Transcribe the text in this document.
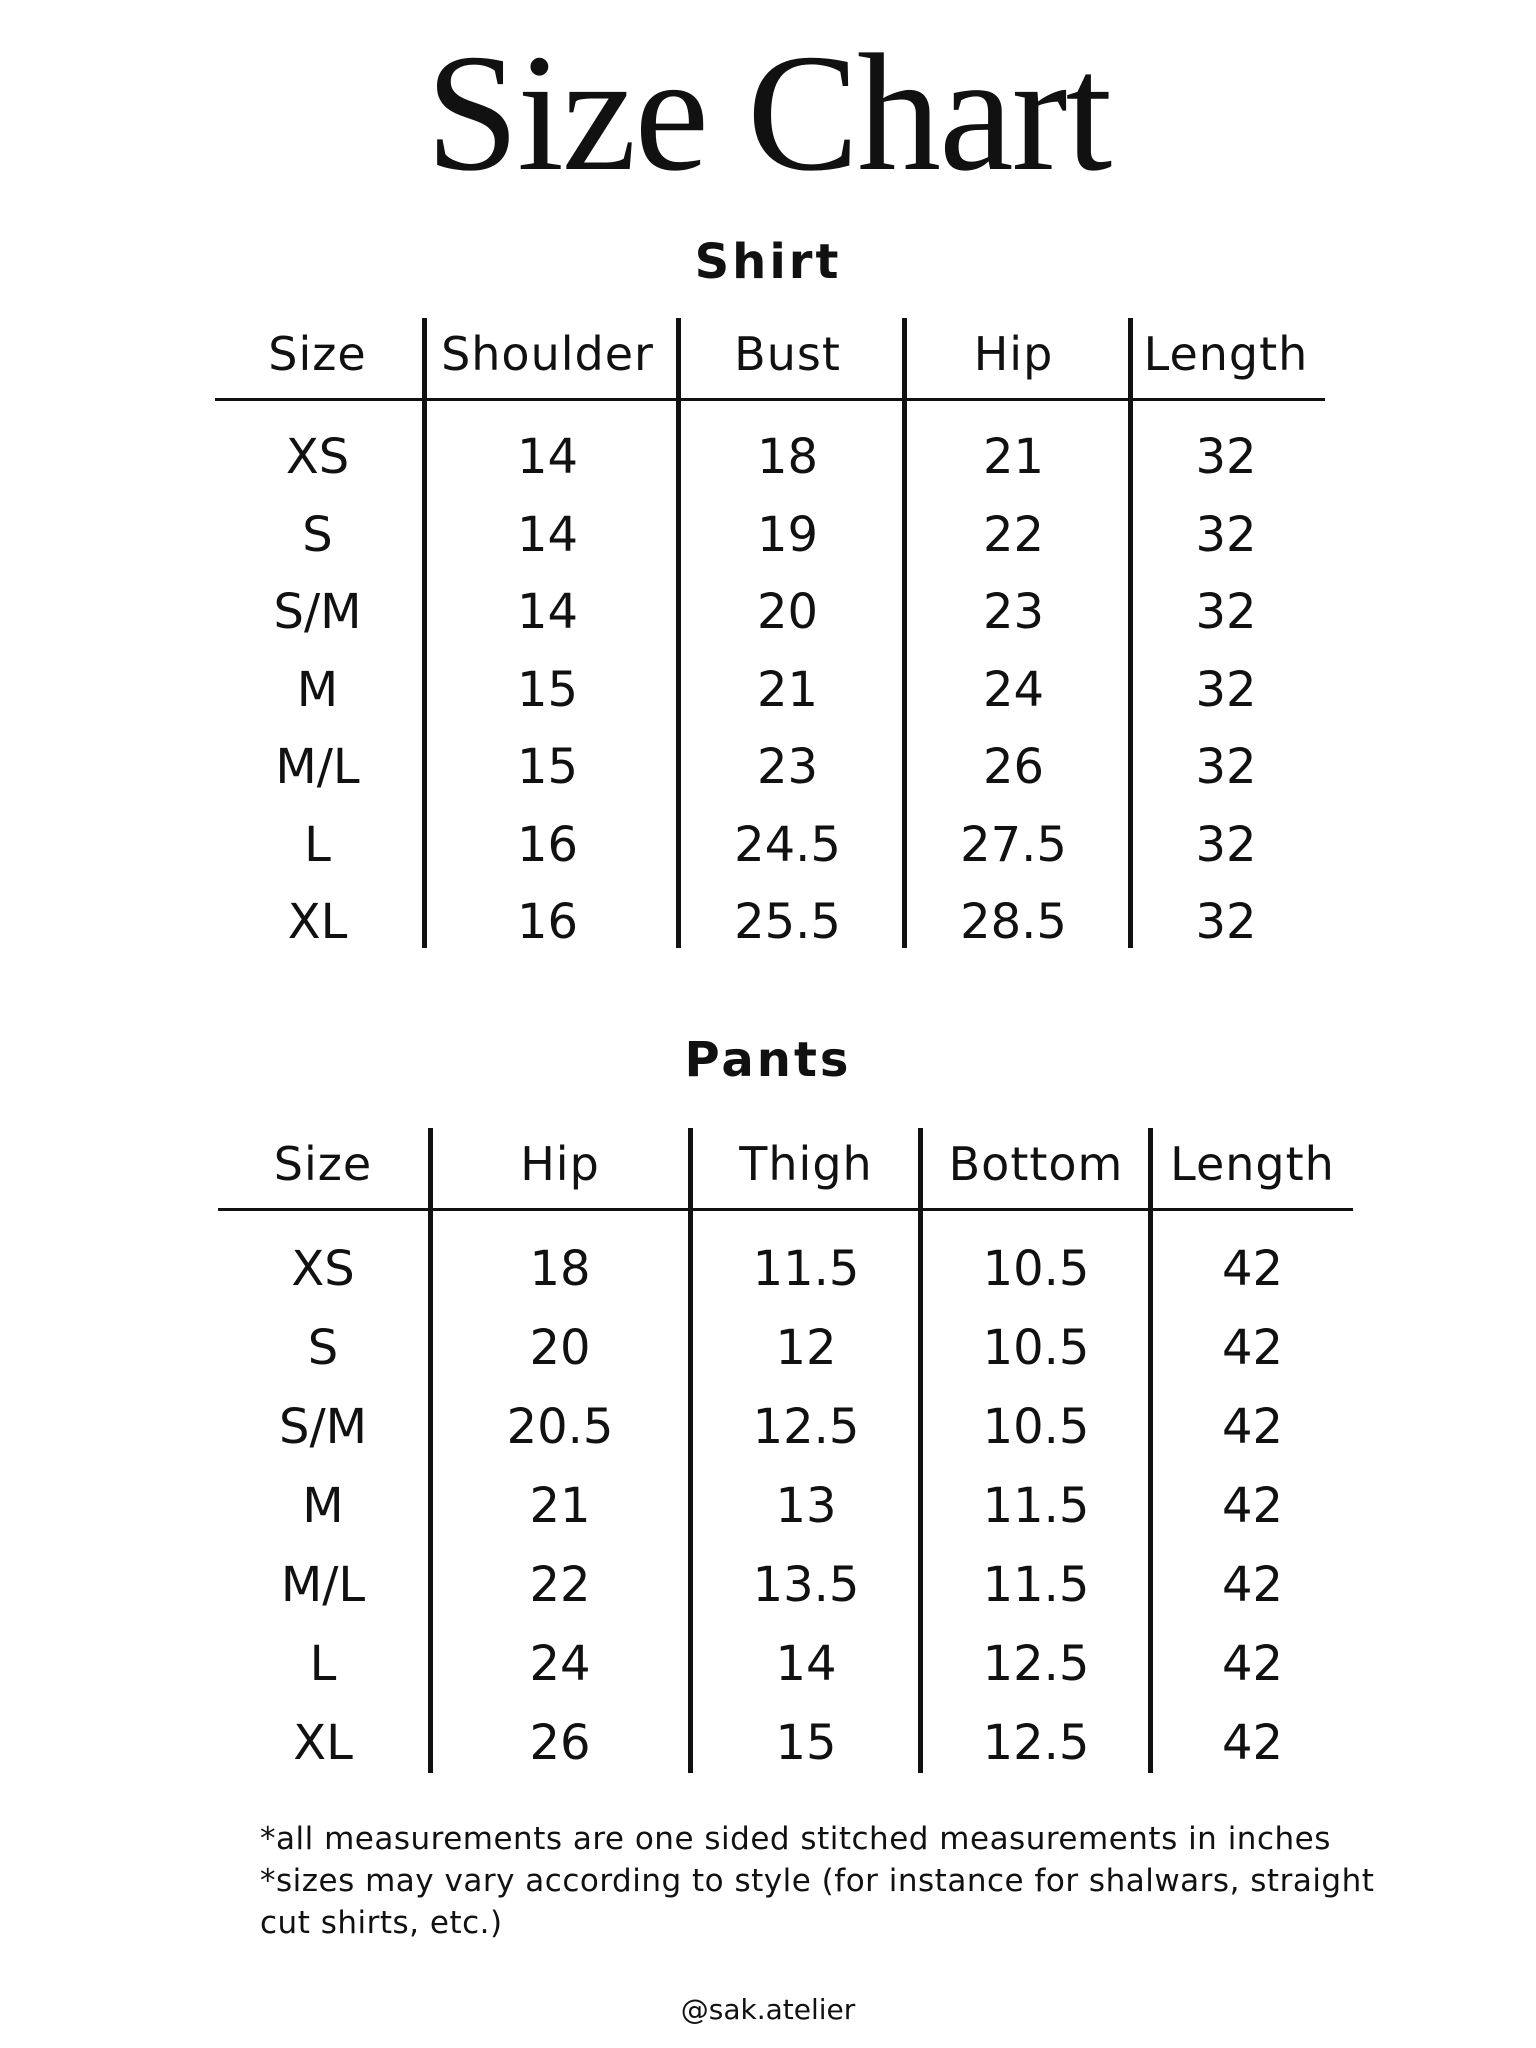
Size Chart
Shirt
Size	Shoulder	Bust	Hip	Length
XS	14	18	21	32
S	14	19	22	32
S/M	14	20	23	32
M	15	21	24	32
M/L	15	23	26	32
L	16	24.5	27.5	32
XL	16	25.5	28.5	32
Pants
Size	Hip	Thigh	Bottom	Length
XS	18	11.5	10.5	42
S	20	12	10.5	42
S/M	20.5	12.5	10.5	42
M	21	13	11.5	42
M/L	22	13.5	11.5	42
L	24	14	12.5	42
XL	26	15	12.5	42

*all measurements are one sided stitched measurements in inches

*sizes may vary according to style (for instance for shalwars, straight cut shirts, etc.)

@sak.atelier
